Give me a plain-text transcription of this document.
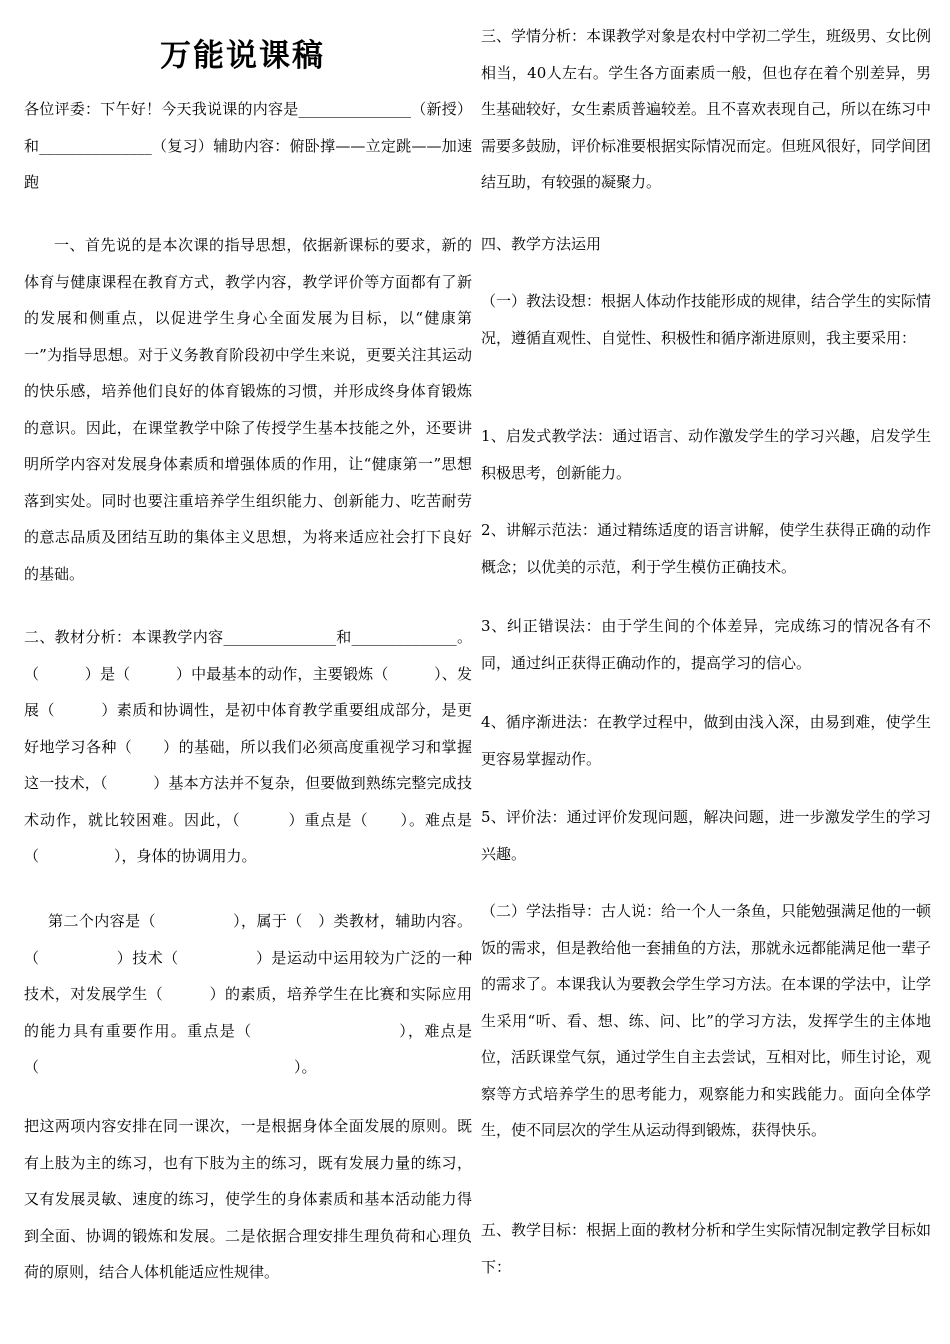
万能说课稿

各位评委：下午好！今天我说课的内容是_______________（新授）和_______________（复习）辅助内容：俯卧撑——立定跳——加速跑

一、首先说的是本次课的指导思想，依据新课标的要求，新的体育与健康课程在教育方式，教学内容，教学评价等方面都有了新的发展和侧重点，以促进学生身心全面发展为目标，以“健康第一”为指导思想。对于义务教育阶段初中学生来说，更要关注其运动的快乐感，培养他们良好的体育锻炼的习惯，并形成终身体育锻炼的意识。因此，在课堂教学中除了传授学生基本技能之外，还要讲明所学内容对发展身体素质和增强体质的作用，让“健康第一”思想落到实处。同时也要注重培养学生组织能力、创新能力、吃苦耐劳的意志品质及团结互助的集体主义思想，为将来适应社会打下良好的基础。

二、教材分析：本课教学内容_______________和______________。（　　　）是（　　　）中最基本的动作，主要锻炼（　　　）、发展（　　　）素质和协调性，是初中体育教学重要组成部分，是更好地学习各种（　　）的基础，所以我们必须高度重视学习和掌握这一技术，（　　　）基本方法并不复杂，但要做到熟练完整完成技术动作，就比较困难。因此，（　　　）重点是（　　）。难点是（　　　　　），身体的协调用力。

第二个内容是（　　　　　），属于（　）类教材，辅助内容。（　　　　　）技术（　　　　　）是运动中运用较为广泛的一种技术，对发展学生（　　　）的素质，培养学生在比赛和实际应用的能力具有重要作用。重点是（　　　　　　　　　），难点是（　　　　　　　　　　　　　　　　　）。

把这两项内容安排在同一课次，一是根据身体全面发展的原则。既有上肢为主的练习，也有下肢为主的练习，既有发展力量的练习，又有发展灵敏、速度的练习，使学生的身体素质和基本活动能力得到全面、协调的锻炼和发展。二是依据合理安排生理负荷和心理负荷的原则，结合人体机能适应性规律。

三、学情分析：本课教学对象是农村中学初二学生，班级男、女比例相当，40人左右。学生各方面素质一般，但也存在着个别差异，男生基础较好，女生素质普遍较差。且不喜欢表现自己，所以在练习中需要多鼓励，评价标准要根据实际情况而定。但班风很好，同学间团结互助，有较强的凝聚力。

四、教学方法运用

（一）教法设想：根据人体动作技能形成的规律，结合学生的实际情况，遵循直观性、自觉性、积极性和循序渐进原则，我主要采用：

1、启发式教学法：通过语言、动作激发学生的学习兴趣，启发学生积极思考，创新能力。

2、讲解示范法：通过精练适度的语言讲解，使学生获得正确的动作概念；以优美的示范，利于学生模仿正确技术。

3、纠正错误法：由于学生间的个体差异，完成练习的情况各有不同，通过纠正获得正确动作的，提高学习的信心。

4、循序渐进法：在教学过程中，做到由浅入深，由易到难，使学生更容易掌握动作。

5、评价法：通过评价发现问题，解决问题，进一步激发学生的学习兴趣。

（二）学法指导：古人说：给一个人一条鱼，只能勉强满足他的一顿饭的需求，但是教给他一套捕鱼的方法，那就永远都能满足他一辈子的需求了。本课我认为要教会学生学习方法。在本课的学法中，让学生采用“听、看、想、练、问、比”的学习方法，发挥学生的主体地位，活跃课堂气氛，通过学生自主去尝试，互相对比，师生讨论，观察等方式培养学生的思考能力，观察能力和实践能力。面向全体学生，使不同层次的学生从运动得到锻炼，获得快乐。

五、教学目标：根据上面的教材分析和学生实际情况制定教学目标如下：
